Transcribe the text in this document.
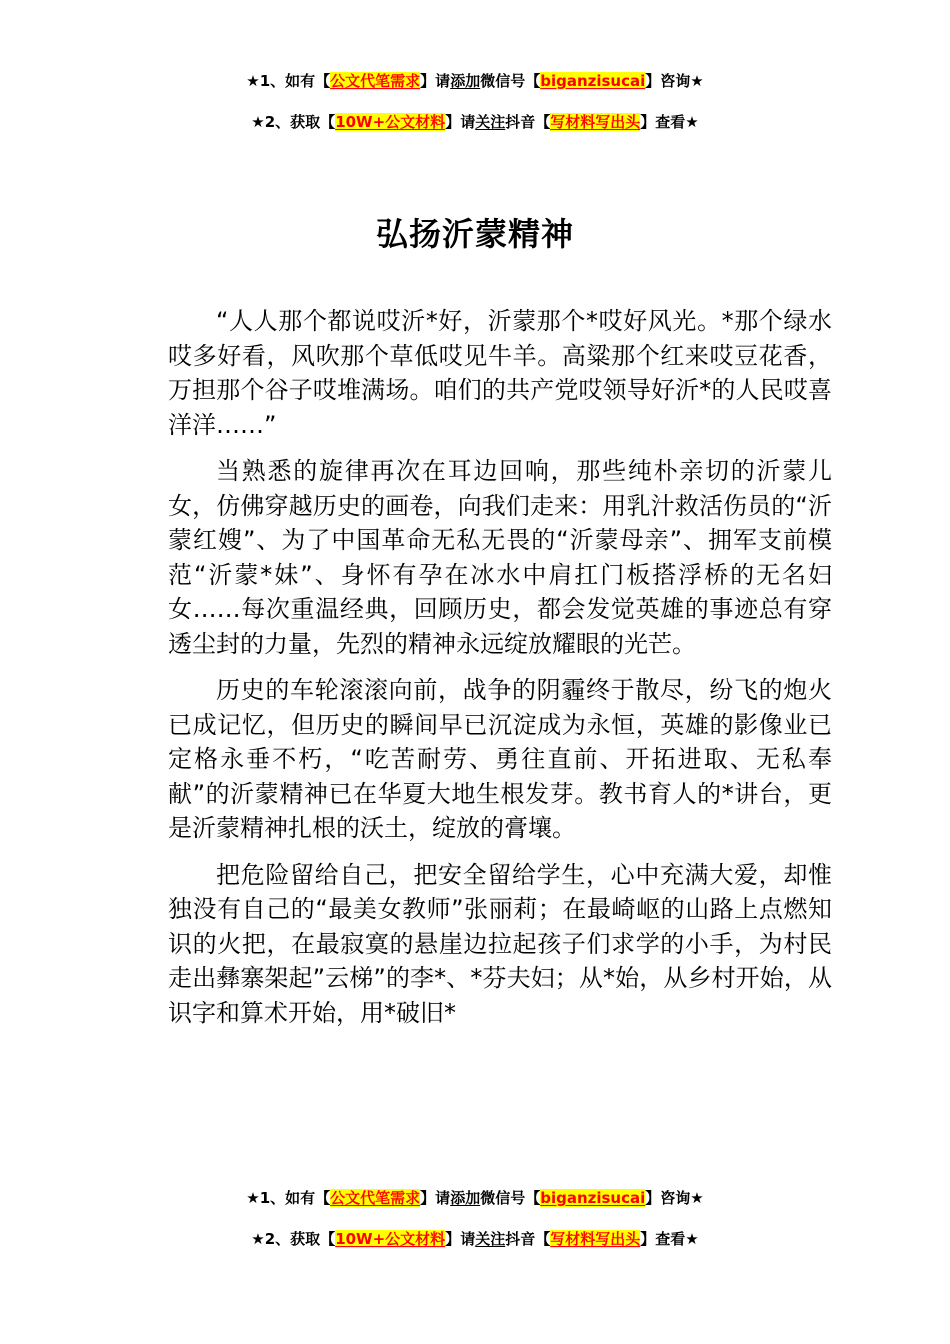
★1、如有【公文代笔需求】请添加微信号【biganzisucai】咨询★
★2、获取【10W+公文材料】请关注抖音【写材料写出头】查看★
弘扬沂蒙精神

“人人那个都说哎沂*好，沂蒙那个*哎好风光。*那个绿水哎多好看，风吹那个草低哎见牛羊。高粱那个红来哎豆花香，万担那个谷子哎堆满场。咱们的共产党哎领导好沂*的人民哎喜洋洋……”

当熟悉的旋律再次在耳边回响，那些纯朴亲切的沂蒙儿女，仿佛穿越历史的画卷，向我们走来：用乳汁救活伤员的“沂蒙红嫂”、为了中国革命无私无畏的“沂蒙母亲”、拥军支前模范“沂蒙*妹”、身怀有孕在冰水中肩扛门板搭浮桥的无名妇女……每次重温经典，回顾历史，都会发觉英雄的事迹总有穿透尘封的力量，先烈的精神永远绽放耀眼的光芒。

历史的车轮滚滚向前，战争的阴霾终于散尽，纷飞的炮火已成记忆，但历史的瞬间早已沉淀成为永恒，英雄的影像业已定格永垂不朽，“吃苦耐劳、勇往直前、开拓进取、无私奉献”的沂蒙精神已在华夏大地生根发芽。教书育人的*讲台，更是沂蒙精神扎根的沃土，绽放的膏壤。

把危险留给自己，把安全留给学生，心中充满大爱，却惟独没有自己的“最美女教师”张丽莉；在最崎岖的山路上点燃知识的火把，在最寂寞的悬崖边拉起孩子们求学的小手，为村民走出彝寨架起”云梯”的李*、*芬夫妇；从*始，从乡村开始，从识字和算术开始，用*破旧*

★1、如有【公文代笔需求】请添加微信号【biganzisucai】咨询★
★2、获取【10W+公文材料】请关注抖音【写材料写出头】查看★
